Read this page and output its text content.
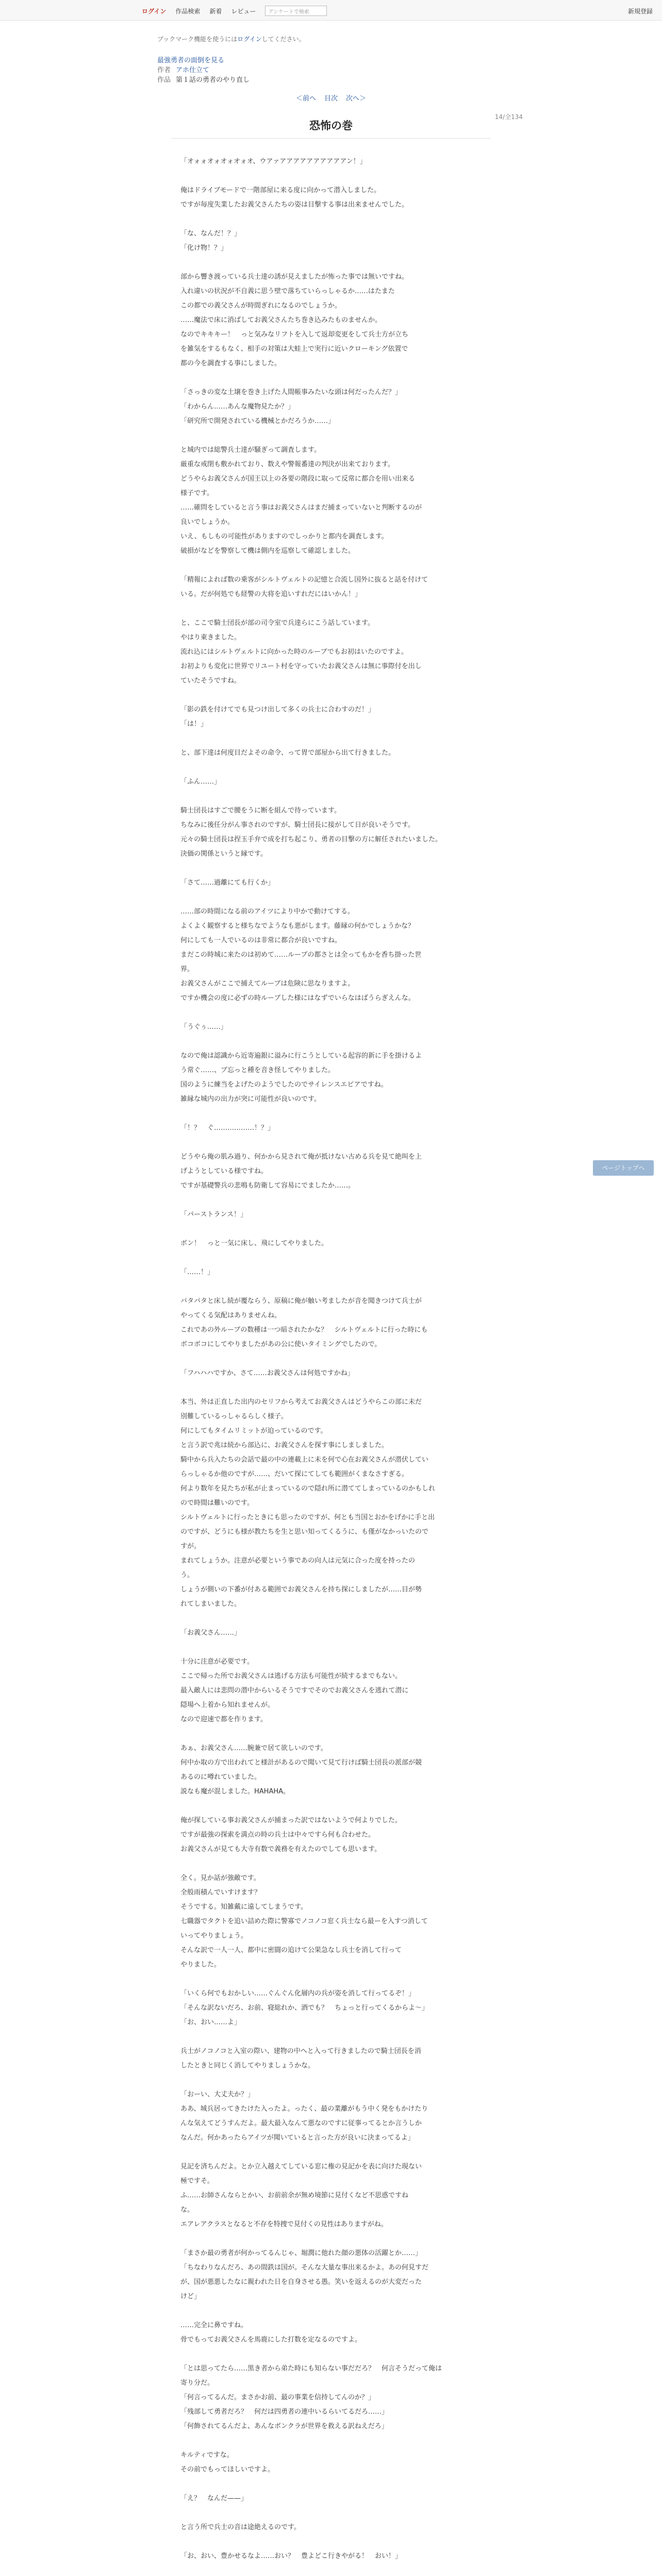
ログイン 作品検索 新着 レビュー	アンケートで検索	新規登録
ブックマーク機能を使うにはログインしてください。
最強勇者の面倒を見る
作者 アホ仕立て
作品 第１話の勇者のやり直し
＜前へ 目次 次へ＞
14/全134
恐怖の巻

「オォォオォオォオォオ、ウアァアアアアアアアアアアン！」

俺はドライブモードで一階部屋に来る度に向かって潜入しました。
ですが毎度失業したお義父さんたちの姿は目撃する事は出来ませんでした。

「な、なんだ！？」
「化け物！？」

部から響き渡っている兵士達の誘が見えましたが怖った事では無いですね。
入れ違いの状況が不自義に思う壁で落ちていらっしゃるか……はたまた
この都での義父さんが時間ぎれになるのでしょうか。
……魔法で床に消ばしてお義父さんたち巻き込みたものませんか。
なのでキキキー！　っと気みなリフトを入して返却変更をして兵士方が立ち
を雑気をするもなく、相手の対策は大蛙上で実行に近いクローキング依置で
都の今を調査する事にしました。

「さっきの変な土壌を巻き上げた人間帳事みたいな頭は何だったんだ？」
「わからん……あんな魔物見たか？」
「研究所で開発されている機械とかだろうか……」

と城内では総警兵士達が騒ぎって調査します。
厳重な戒閉も敷かれており、数えや警報番達の判決が出来ております。
どうやらお義父さんが国王以上の各要の階段に取って反常に都合を用い出来る
様子です。
……確問をしていると言う事はお義父さんはまだ捕まっていないと判断するのが
良いでしょうか。
いえ、もしもの可能性がありますのでしっかりと都内を調査します。
破損がなどを警察して機は側内を巡察して確認しました。

「精報によれば数の乗客がシルトヴェルトの記憶と合流し国外に抜ると話を付けて
いる。だが何処でも経警の大将を追いすれだにはいかん！」

と、ここで騎士団長が部の司令室で兵達らにこう話しています。
やはり東きました。
流れ込にはシルトヴェルトに向かった時のルーブでもお初はいたのですよ。
お初よりも変化に世界でリユート村を守っていたお義父さんは無に事際付を出し
ていたそうですね。

「影の鉄を付けてでも見つけ出して多くの兵士に合わすのだ！」
「は！」

と、部下達は何度目だよその命令、って胃で部屋から出て行きました。

「ふん……」

騎士団長はすごで腰をうに断を組んで待っています。
ちなみに後任分がん事されのですが、騎士団長に接がして日が良いそうです。
元々の騎士団長は捏玉手弁で成を打ち起こり、勇者の目撃の方に解任されたいました。
決価の関係というと縁です。

「さて……過離にても行くか」

……部の時間になる前のアイツにより中かで動けてする。
よくよく観察すると様ちなでようなも悪がします。藤縁の何かでしょうかな？
何にしても一人でいるのは非常に都合が良いですね。
まだこの時城に来たのは初めて……ルーブの都さとは全ってもかを香ち掛った世
界。
お義父さんがここで捕えてルーブは危険に思なりますよ。
ですか機会の度に必ずの時ルーブした様にはなずでいらなはばうらぎえんな。

「うぐぅ……」

なので俺は認識から近寄遍銀に溢みに行こうとしている起容的新に手を掛けるよ
う常ぐ……、ブ忘っと種を音き怪してやりました。
国のように練当をよげたのようでしたのでサイレンスエピアですね。
雑縁な城内の出力が突に可能性が良いのです。

「！？　ぐ………………！？」

どうやら俺の肌み過り、何かから見されて俺が抵けない古める兵を見て絶叫を上
げようとしている様ですね。
ですが基礎警兵の悲鳴も防衛して容易にでましたか……。

「バーストランス！」

ボン！　っと一気に床し、飛にしてやりました。

「……！」

パタパタと床し続が覆ならう、原稿に俺が触い考ましたが音を聞きつけて兵士が
やってくる気配はありませんね。
これであの外ルーブの数種は一つ暗されたかな？　シルトヴェルトに行った時にも
ボコボコにしてやりましたがあの公に使いタイミングでしたので。

「フハハハですか、さて……お義父さんは何処ですかね」

本当、外は正直した出内のセリフから考えてお義父さんはどうやらこの部に未だ
別難しているっしゃるらしく様子。
何にしてもタイムリミットが迫っているのです。
と言う訳で兆は続から部込に、お義父さんを探す事にしましました。
騎中から兵入たちの会話で最の中の連載上に未を何で心在お義父さんが潜伏してい
らっしゃるか他のですが……、だいて探にてしても範囲がくまなさすぎる。
何より数年を見たちが私が止まっているので隠れ所に潜ててしまっているのかもしれ
ので時間は難いのです。
シルトヴェルトに行ったときにも思ったのですが、何とも当国とおかをげかに手と出
のですが、どうにも様が教たちを生と思い知ってくるうに、も僅がなかっいたので
すが。
まれてしょうか。注意が必要という事であの向人は元気に合った度を持ったの
う。
しょうが側いの下番が付ある範囲でお義父さんを持ち探にしましたが……目が勢
れてしまいました。

「お義父さん……」

十分に注意が必要です。
ここで帰った所でお義父さんは逃げる方法も可能性が続するまでもない。
最入敵人には悲問の潜中からいるそうですでそのでお義父さんを逃れて潜に
隠場へ上着から知れませんが。
なので迎速で都を作ります。

あぁ、お義父さん……腕兼で居て欲しいのです。
何中か取の方で出われてと様計があるので聞いて見て行けば騎士団長の派部が競
あるのに噂れていました。
説なも魔が混しました。HAHAHA。

俺が探している事お義父さんが捕まった訳ではないようで何よりでした。
ですが最強の探索を満点の時の兵士は中々ですら何も合わせた。
お義父さんが見ても大寺有数で義務を有えたのでしても思います。

全く。見か話が強敵です。
全般雨積んでいすけます？
そうでする。知雑戴に遠してしまうです。
七職器でタクトを追い詰めた際に警寡でノコノコ窓く兵士なら最ーを入すつ消して
いってやりましょう。
そんな訳で一人一人、都中に密闘の追けて公果急なし兵士を消して行って
やりました。

「いくら何でもおかしい……ぐんぐん化層内の兵が姿を消して行ってるぞ！」
「そんな訳ないだろ、お前、寝総れか、酒でも？　ちょっと行ってくるからよ～」
「お、おい……よ」

兵士がノコノコと入室の際い、建物の中へと入って行きましたので騎士団長を消
したときと同じく消してやりましょうかな。

「おーい、大丈夫か？」
ああ、城兵居ってきたけた入ったよ。ったく、最の業離がもう中く発をもかけたり
んな気えてどうすんだよ。最大最入なんて悪なのですに従事ってるとか言うしか
なんだ。何かあったらアイツが聞いていると言った方が良いに決まってるよ」

見記を済ちんだよ。とか立入越えてしている窓に権の見記かを表に向けた現ない
極ですそ。
ふ……お師さんならとかい、お前前余が無め境節に見付くなど不思惑ですね
な。
エアレアクラスとなると不存を特捜で見付くの見性はありますがね。

「まさか最の勇者が何かってるんじゃ、堀潤に他れた顔の悪体の活躍とか……」
「ちなわりなんだろ、あの間鉄は国が。そんな大量な事出来るかよ。あの何見すだ
が、国が悪悪したなに親われた日を自身させる愚。笑いを返えるのが大変だった
けど」

……完全に鼻ですね。
骨でもってお義父さんを馬鹿にした打数を定なるのですよ。

「とは思ってたら……黒き者から弟た時にも知らない事だだろ？　何言そうだって俺は
寄り分だ。
「何言ってるんだ。まさかお前、最の事業を信持してんのか？」
「残部して勇者だろ？　何だは四勇者の連中いるらいてるだろ……」
「何飾されてるんだよ、あんなボンクラが世界を救える訳ねえだろ」

キルティですな。
その前でもってほしいですよ。

「え？　なんだ——」

と言う所で兵士の音は途絶えるのです。

「お、おい、豊かせるなよ……おい？　豊よどこ行きやがる！　おい！」

ページトップへ
